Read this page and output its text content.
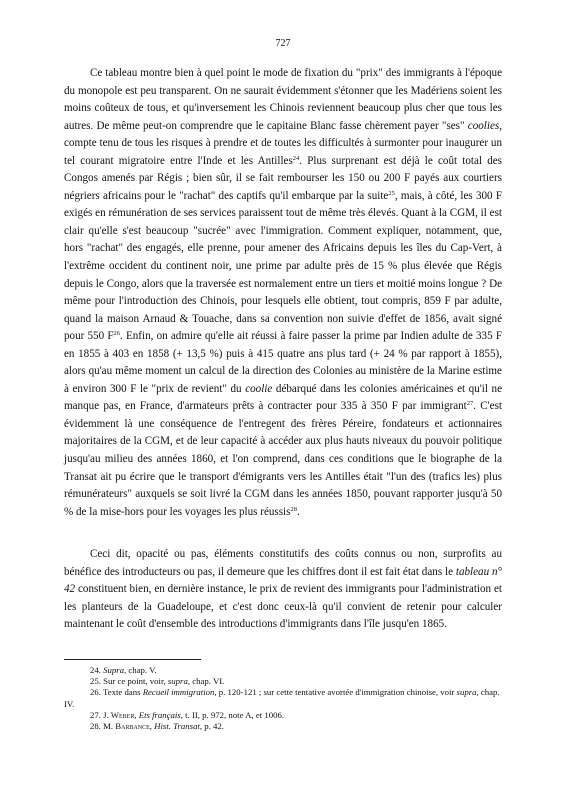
727

Ce tableau montre bien à quel point le mode de fixation du "prix" des immigrants à l'époque du monopole est peu transparent. On ne saurait évidemment s'étonner que les Madériens soient les moins coûteux de tous, et qu'inversement les Chinois reviennent beaucoup plus cher que tous les autres. De même peut-on comprendre que le capitaine Blanc fasse chèrement payer "ses" coolies, compte tenu de tous les risques à prendre et de toutes les difficultés à surmonter pour inaugurer un tel courant migratoire entre l'Inde et les Antilles$^{24}$. Plus surprenant est déjà le coût total des Congos amenés par Régis ; bien sûr, il se fait rembourser les 150 ou 200 F payés aux courtiers négriers africains pour le "rachat" des captifs qu'il embarque par la suite$^{25}$, mais, à côté, les 300 F exigés en rémunération de ses services paraissent tout de même très élevés. Quant à la CGM, il est clair qu'elle s'est beaucoup "sucrée" avec l'immigration. Comment expliquer, notamment, que, hors "rachat" des engagés, elle prenne, pour amener des Africains depuis les îles du Cap-Vert, à l'extrême occident du continent noir, une prime par adulte près de 15 % plus élevée que Régis depuis le Congo, alors que la traversée est normalement entre un tiers et moitié moins longue ? De même pour l'introduction des Chinois, pour lesquels elle obtient, tout compris, 859 F par adulte, quand la maison Arnaud & Touache, dans sa convention non suivie d'effet de 1856, avait signé pour 550 $F^{26}$. Enfin, on admire qu'elle ait réussi à faire passer la prime par Indien adulte de 335 F en 1855 à 403 en 1858 (+ 13,5 %) puis à 415 quatre ans plus tard (+ 24 % par rapport à 1855), alors qu'au même moment un calcul de la direction des Colonies au ministère de la Marine estime à environ 300 F le "prix de revient" du coolie débarqué dans les colonies américaines et qu'il ne manque pas, en France, d'armateurs prêts à contracter pour 335 à 350 F par immigrant$^{27}$. C'est évidemment là une conséquence de l'entregent des frères Péreire, fondateurs et actionnaires majoritaires de la CGM, et de leur capacité à accéder aux plus hauts niveaux du pouvoir politique jusqu'au milieu des années 1860, et l'on comprend, dans ces conditions que le biographe de la Transat ait pu écrire que le transport d'émigrants vers les Antilles était "l'un des (trafics les) plus rémunérateurs" auxquels se soit livré la CGM dans les années 1850, pouvant rapporter jusqu'à 50 % de la mise-hors pour les voyages les plus réussis$^{28}$.

Ceci dit, opacité ou pas, éléments constitutifs des coûts connus ou non, surprofits au bénéfice des introducteurs ou pas, il demeure que les chiffres dont il est fait état dans le tableau n° 42 constituent bien, en dernière instance, le prix de revient des immigrants pour l'administration et les planteurs de la Guadeloupe, et c'est donc ceux-là qu'il convient de retenir pour calculer maintenant le coût d'ensemble des introductions d'immigrants dans l'île jusqu'en 1865.

24. Supra, chap. V.
25. Sur ce point, voir, supra, chap. VI.
26. Texte dans Recueil immigration, p. 120-121 ; sur cette tentative avortée d'immigration chinoise, voir supra, chap. IV.
27. J. Weber, Ets français, t. II, p. 972, note A, et 1006.
28. M. Barbance, Hist. Transat, p. 42.
